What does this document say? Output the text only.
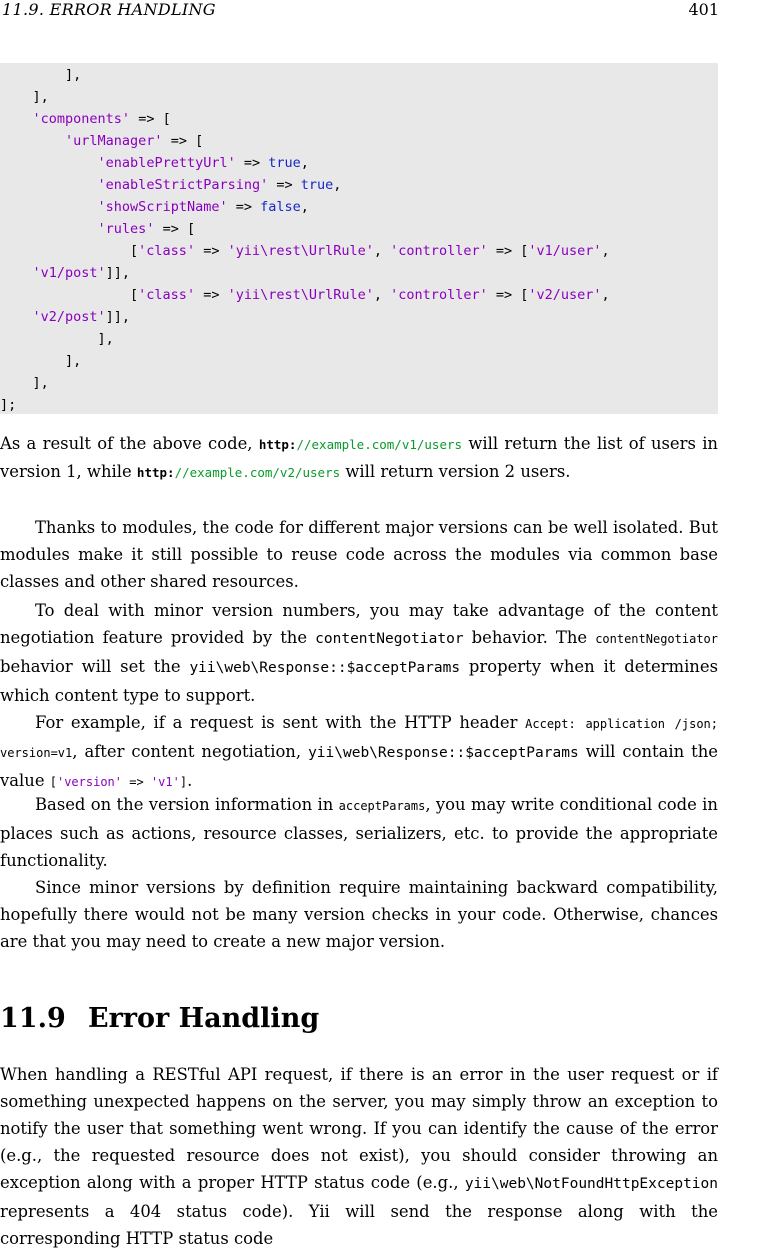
11.9. ERROR HANDLING	401
],
],
'components' => [
'urlManager' => [
'enablePrettyUrl' => true,
'enableStrictParsing' => true,
'showScriptName' => false,
'rules' => [
['class' => 'yii\rest\UrlRule', 'controller' => ['v1/user',
'v1/post']],
['class' => 'yii\rest\UrlRule', 'controller' => ['v2/user',
'v2/post']],
],
],
],
];

As a result of the above code, http://example.com/v1/users will return the list of users in version 1, while http://example.com/v2/users will return version 2 users.

Thanks to modules, the code for different major versions can be well isolated. But modules make it still possible to reuse code across the modules via common base classes and other shared resources.

To deal with minor version numbers, you may take advantage of the content negotiation feature provided by the contentNegotiator behavior. The contentNegotiator behavior will set the yii\web\Response::$acceptParams property when it determines which content type to support.

For example, if a request is sent with the HTTP header Accept: application /json; version=v1, after content negotiation, yii\web\Response::$acceptParams will contain the value ['version' => 'v1'].

Based on the version information in acceptParams, you may write conditional code in places such as actions, resource classes, serializers, etc. to provide the appropriate functionality.

Since minor versions by definition require maintaining backward compatibility, hopefully there would not be many version checks in your code. Otherwise, chances are that you may need to create a new major version.

11.9 Error Handling

When handling a RESTful API request, if there is an error in the user request or if something unexpected happens on the server, you may simply throw an exception to notify the user that something went wrong. If you can identify the cause of the error (e.g., the requested resource does not exist), you should consider throwing an exception along with a proper HTTP status code (e.g., yii\web\NotFoundHttpException represents a 404 status code). Yii will send the response along with the corresponding HTTP status code
